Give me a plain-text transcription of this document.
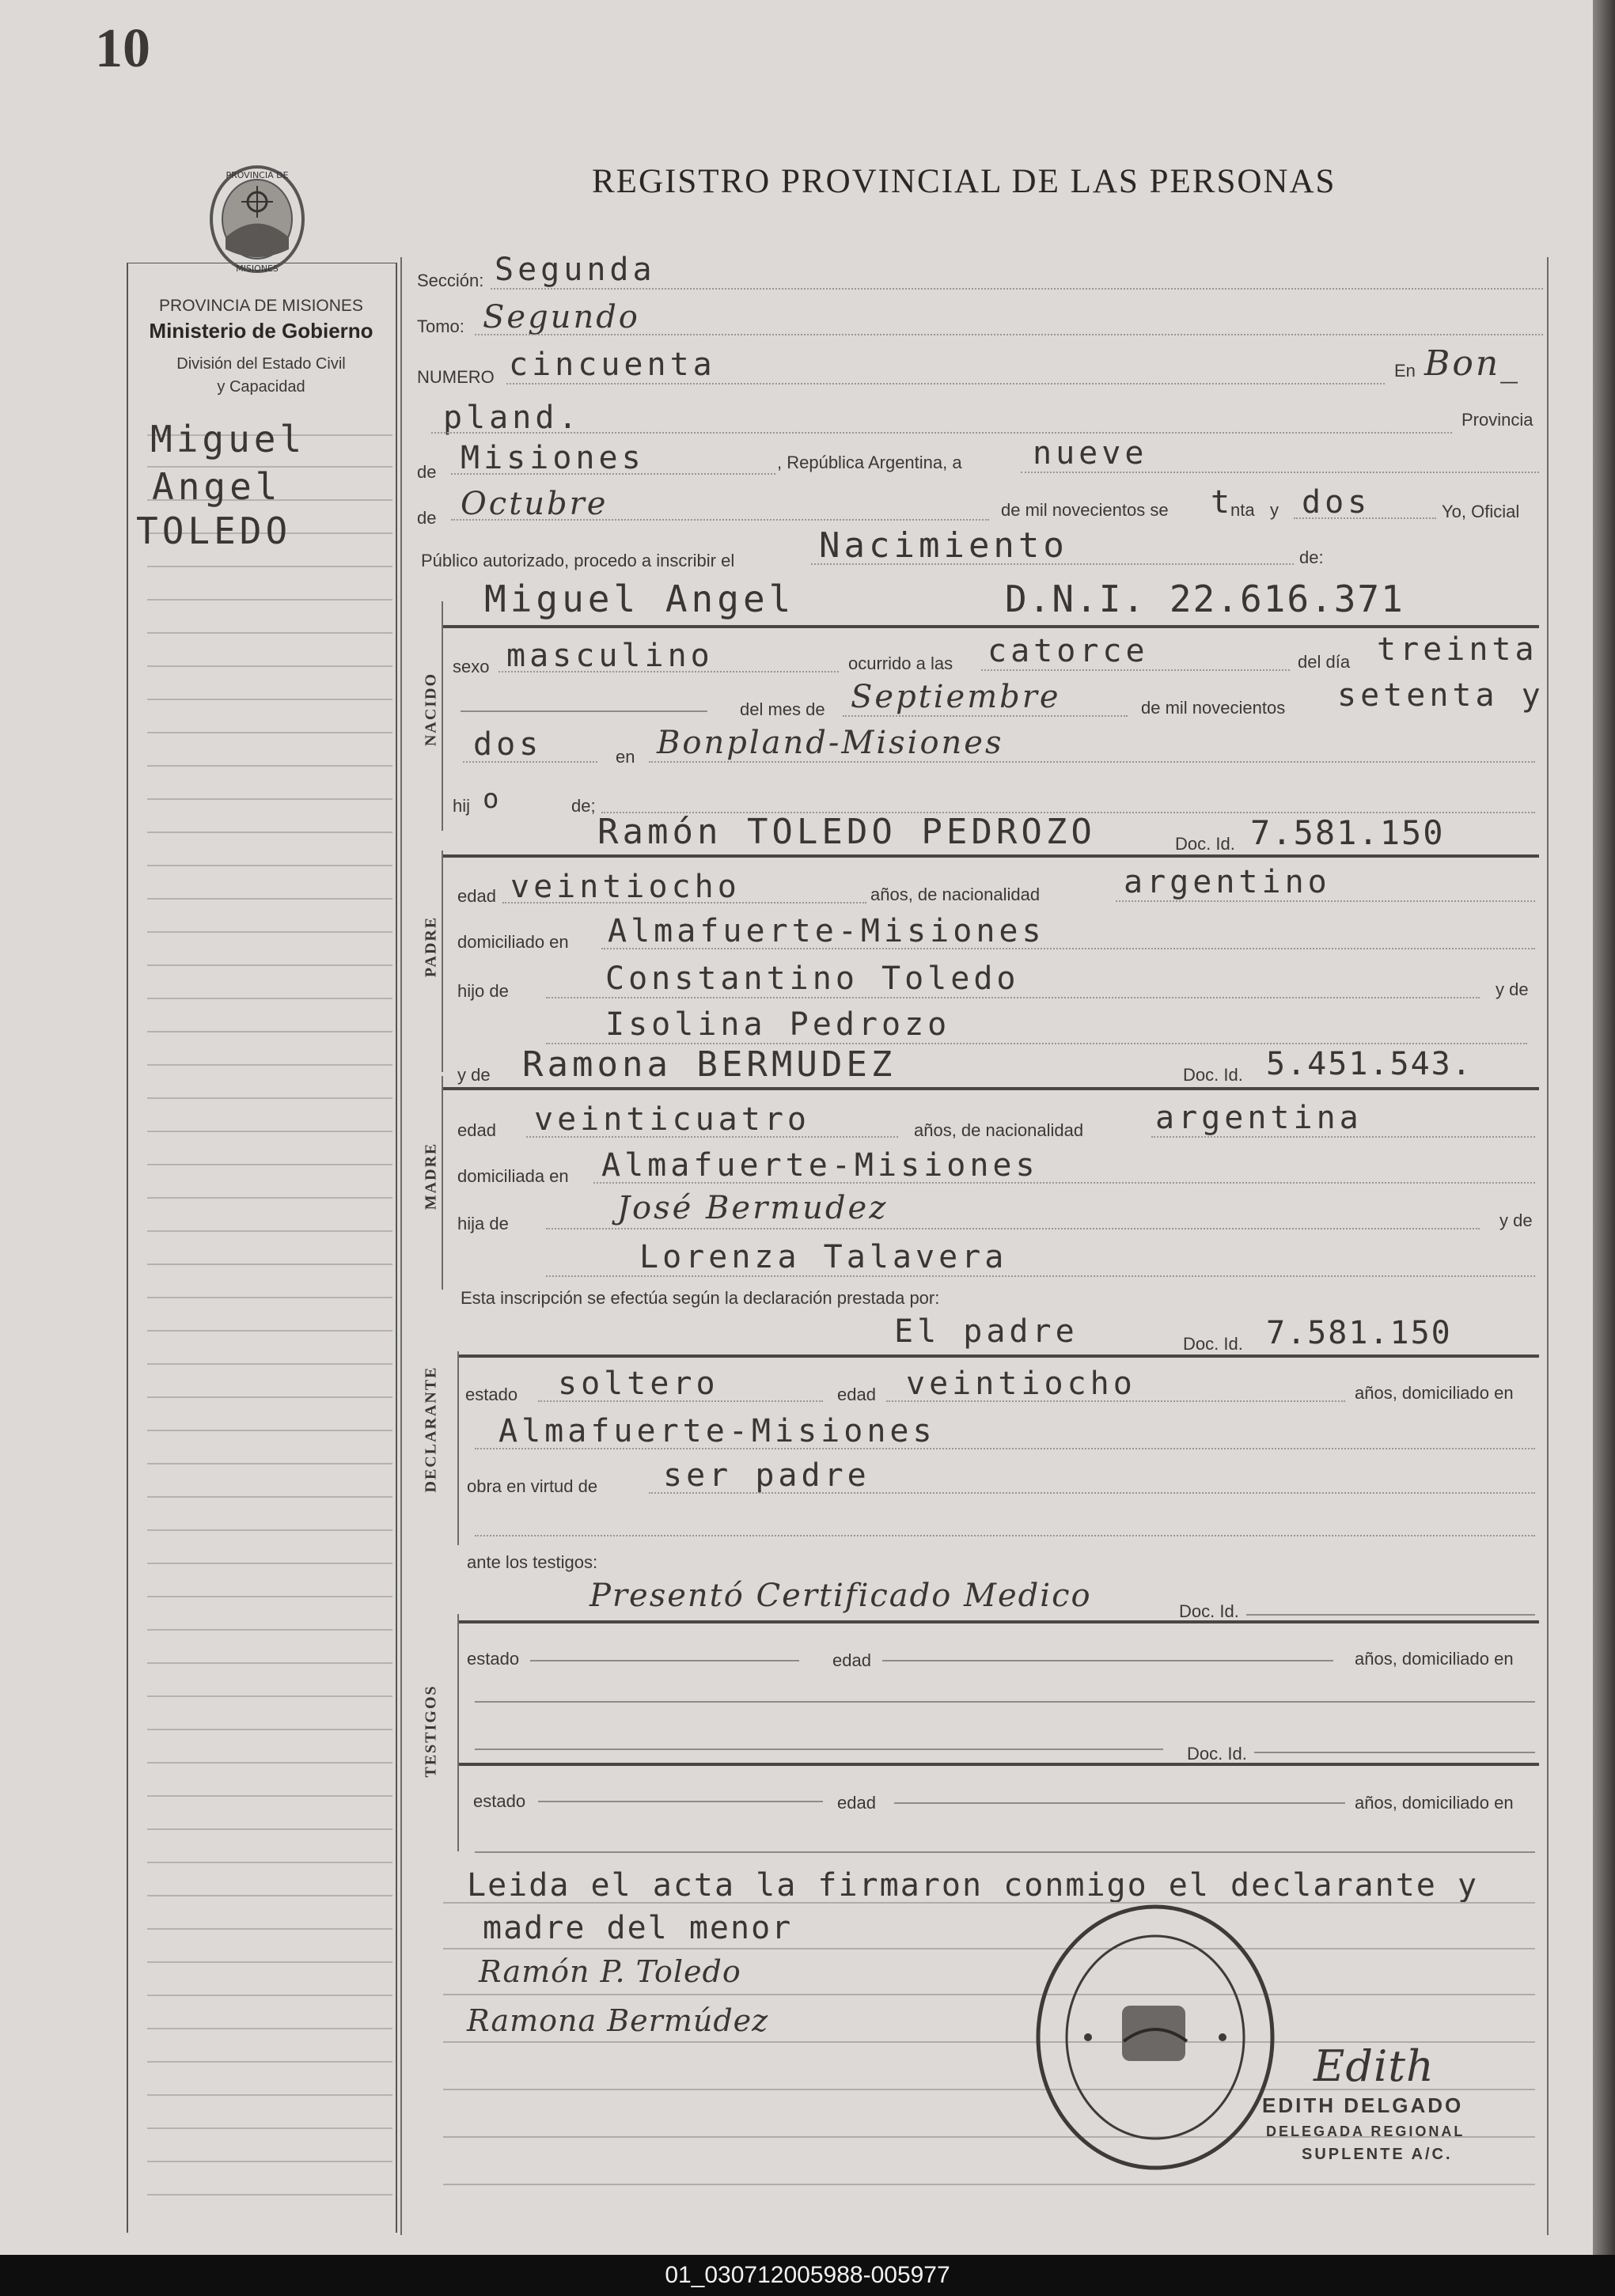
10
REGISTRO PROVINCIAL DE LAS PERSONAS
PROVINCIA DE
MISIONES
PROVINCIA DE MISIONES
Ministerio de Gobierno
División del Estado Civil
y Capacidad
Miguel
Angel
TOLEDO
Sección: Segunda
Tomo: Segundo
NUMERO cincuenta	En Bon_
pland.	Provincia
de Misiones	, República Argentina, a nueve
de Octubre	de mil novecientos se t
nta y dos	Yo, Oficial
Público autorizado, procedo a inscribir el Nacimiento	de:
NACIDO
Miguel Angel	D.N.I. 22.616.371
sexo masculino	ocurrido a las catorce	del día treinta
del mes de Septiembre	de mil novecientos setenta y
dos	en Bonpland-Misiones
hij o	de;
PADRE
Ramón TOLEDO PEDROZO	Doc. Id. 7.581.150
edad veintiocho	años, de nacionalidad	argentino
domiciliado en Almafuerte-Misiones
hijo de	Constantino Toledo	y de
Isolina Pedrozo
y de Ramona BERMUDEZ	Doc. Id. 5.451.543.
MADRE
edad veinticuatro	años, de nacionalidad argentina
domiciliada en Almafuerte-Misiones
hija de	José Bermudez	y de
Lorenza Talavera
Esta inscripción se efectúa según la declaración prestada por:
El padre	Doc. Id. 7.581.150
DECLARANTE estado soltero	edad veintiocho	años, domiciliado en
Almafuerte-Misiones
obra en virtud de ser padre
ante los testigos:
Presentó Certificado Medico	Doc. Id.
TESTIGOS
estado	edad	años, domiciliado en
Doc. Id.
estado	edad	años, domiciliado en
Leida el acta la firmaron conmigo el declarante y
madre del menor
Ramón P. Toledo
Ramona Bermúdez
Edith
EDITH DELGADO
DELEGADA REGIONAL
SUPLENTE A/C.
01_030712005988-005977
